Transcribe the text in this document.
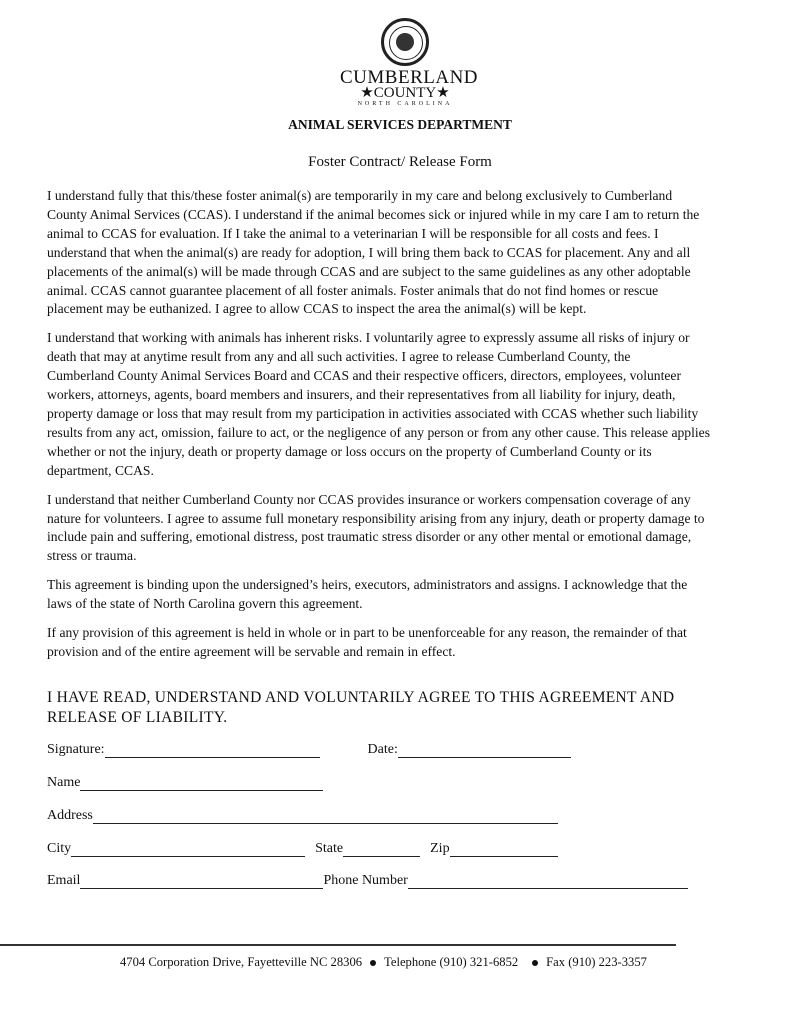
CUMBERLAND
★COUNTY★
NORTH CAROLINA
ANIMAL SERVICES DEPARTMENT
Foster Contract/ Release Form
I understand fully that this/these foster animal(s) are temporarily in my care and belong exclusively to Cumberland
County Animal Services (CCAS). I understand if the animal becomes sick or injured while in my care I am to return the
animal to CCAS for evaluation. If I take the animal to a veterinarian I will be responsible for all costs and fees. I
understand that when the animal(s) are ready for adoption, I will bring them back to CCAS for placement. Any and all
placements of the animal(s) will be made through CCAS and are subject to the same guidelines as any other adoptable
animal. CCAS cannot guarantee placement of all foster animals. Foster animals that do not find homes or rescue
placement may be euthanized. I agree to allow CCAS to inspect the area the animal(s) will be kept.
I understand that working with animals has inherent risks. I voluntarily agree to expressly assume all risks of injury or
death that may at anytime result from any and all such activities. I agree to release Cumberland County, the
Cumberland County Animal Services Board and CCAS and their respective officers, directors, employees, volunteer
workers, attorneys, agents, board members and insurers, and their representatives from all liability for injury, death,
property damage or loss that may result from my participation in activities associated with CCAS whether such liability
results from any act, omission, failure to act, or the negligence of any person or from any other cause. This release applies
whether or not the injury, death or property damage or loss occurs on the property of Cumberland County or its
department, CCAS.
I understand that neither Cumberland County nor CCAS provides insurance or workers compensation coverage of any
nature for volunteers. I agree to assume full monetary responsibility arising from any injury, death or property damage to
include pain and suffering, emotional distress, post traumatic stress disorder or any other mental or emotional damage,
stress or trauma.
This agreement is binding upon the undersigned’s heirs, executors, administrators and assigns. I acknowledge that the
laws of the state of North Carolina govern this agreement.
If any provision of this agreement is held in whole or in part to be unenforceable for any reason, the remainder of that
provision and of the entire agreement will be servable and remain in effect.
I HAVE READ, UNDERSTAND AND VOLUNTARILY AGREE TO THIS AGREEMENT AND
RELEASE OF LIABILITY.
Signature:	Date:
Name
Address
City	State	Zip
Email	Phone Number
4704 Corporation Drive, Fayetteville NC 28306 Telephone (910) 321-6852 Fax (910) 223-3357
